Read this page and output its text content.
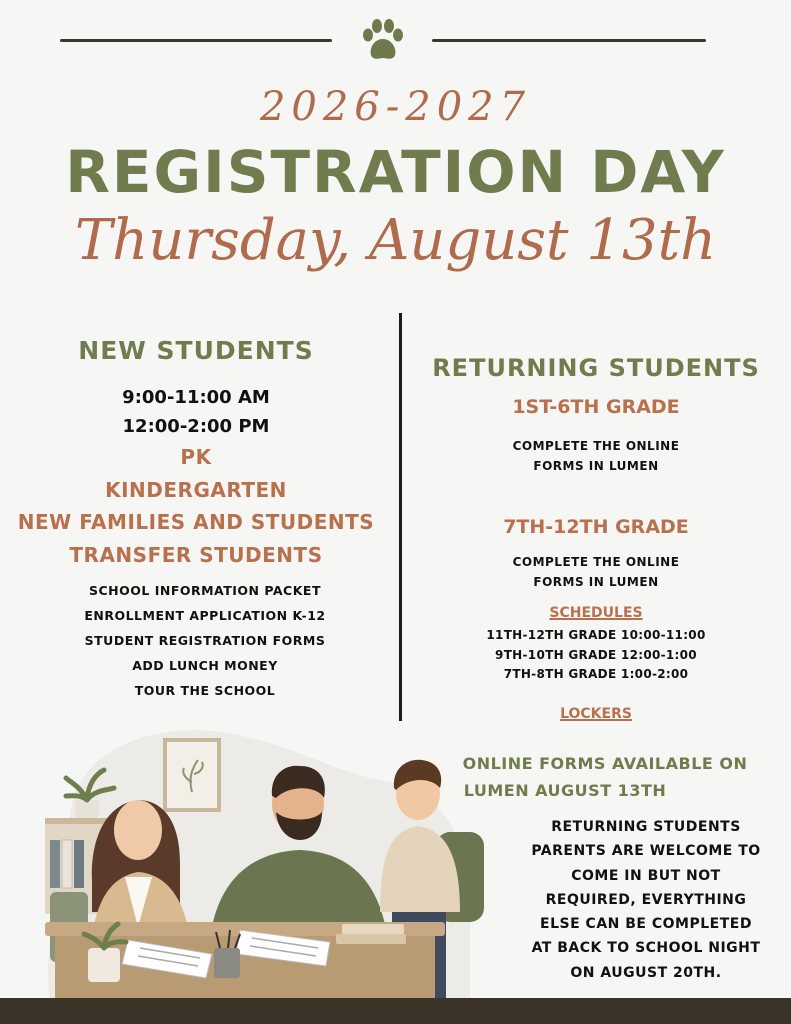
2026-2027
REGISTRATION DAY
Thursday, August 13th
NEW STUDENTS
9:00-11:00 AM
12:00-2:00 PM
PK
KINDERGARTEN
NEW FAMILIES AND STUDENTS
TRANSFER STUDENTS
SCHOOL INFORMATION PACKET
ENROLLMENT APPLICATION K-12
STUDENT REGISTRATION FORMS
ADD LUNCH MONEY
TOUR THE SCHOOL
RETURNING STUDENTS
1ST-6TH GRADE
COMPLETE THE ONLINE
FORMS IN LUMEN
7TH-12TH GRADE
COMPLETE THE ONLINE
FORMS IN LUMEN
SCHEDULES
11TH-12TH GRADE 10:00-11:00
9TH-10TH GRADE 12:00-1:00
7TH-8TH GRADE 1:00-2:00
LOCKERS
ONLINE FORMS AVAILABLE ON
LUMEN AUGUST 13TH
RETURNING STUDENTS
PARENTS ARE WELCOME TO
COME IN BUT NOT
REQUIRED, EVERYTHING
ELSE CAN BE COMPLETED
AT BACK TO SCHOOL NIGHT
ON AUGUST 20TH.
